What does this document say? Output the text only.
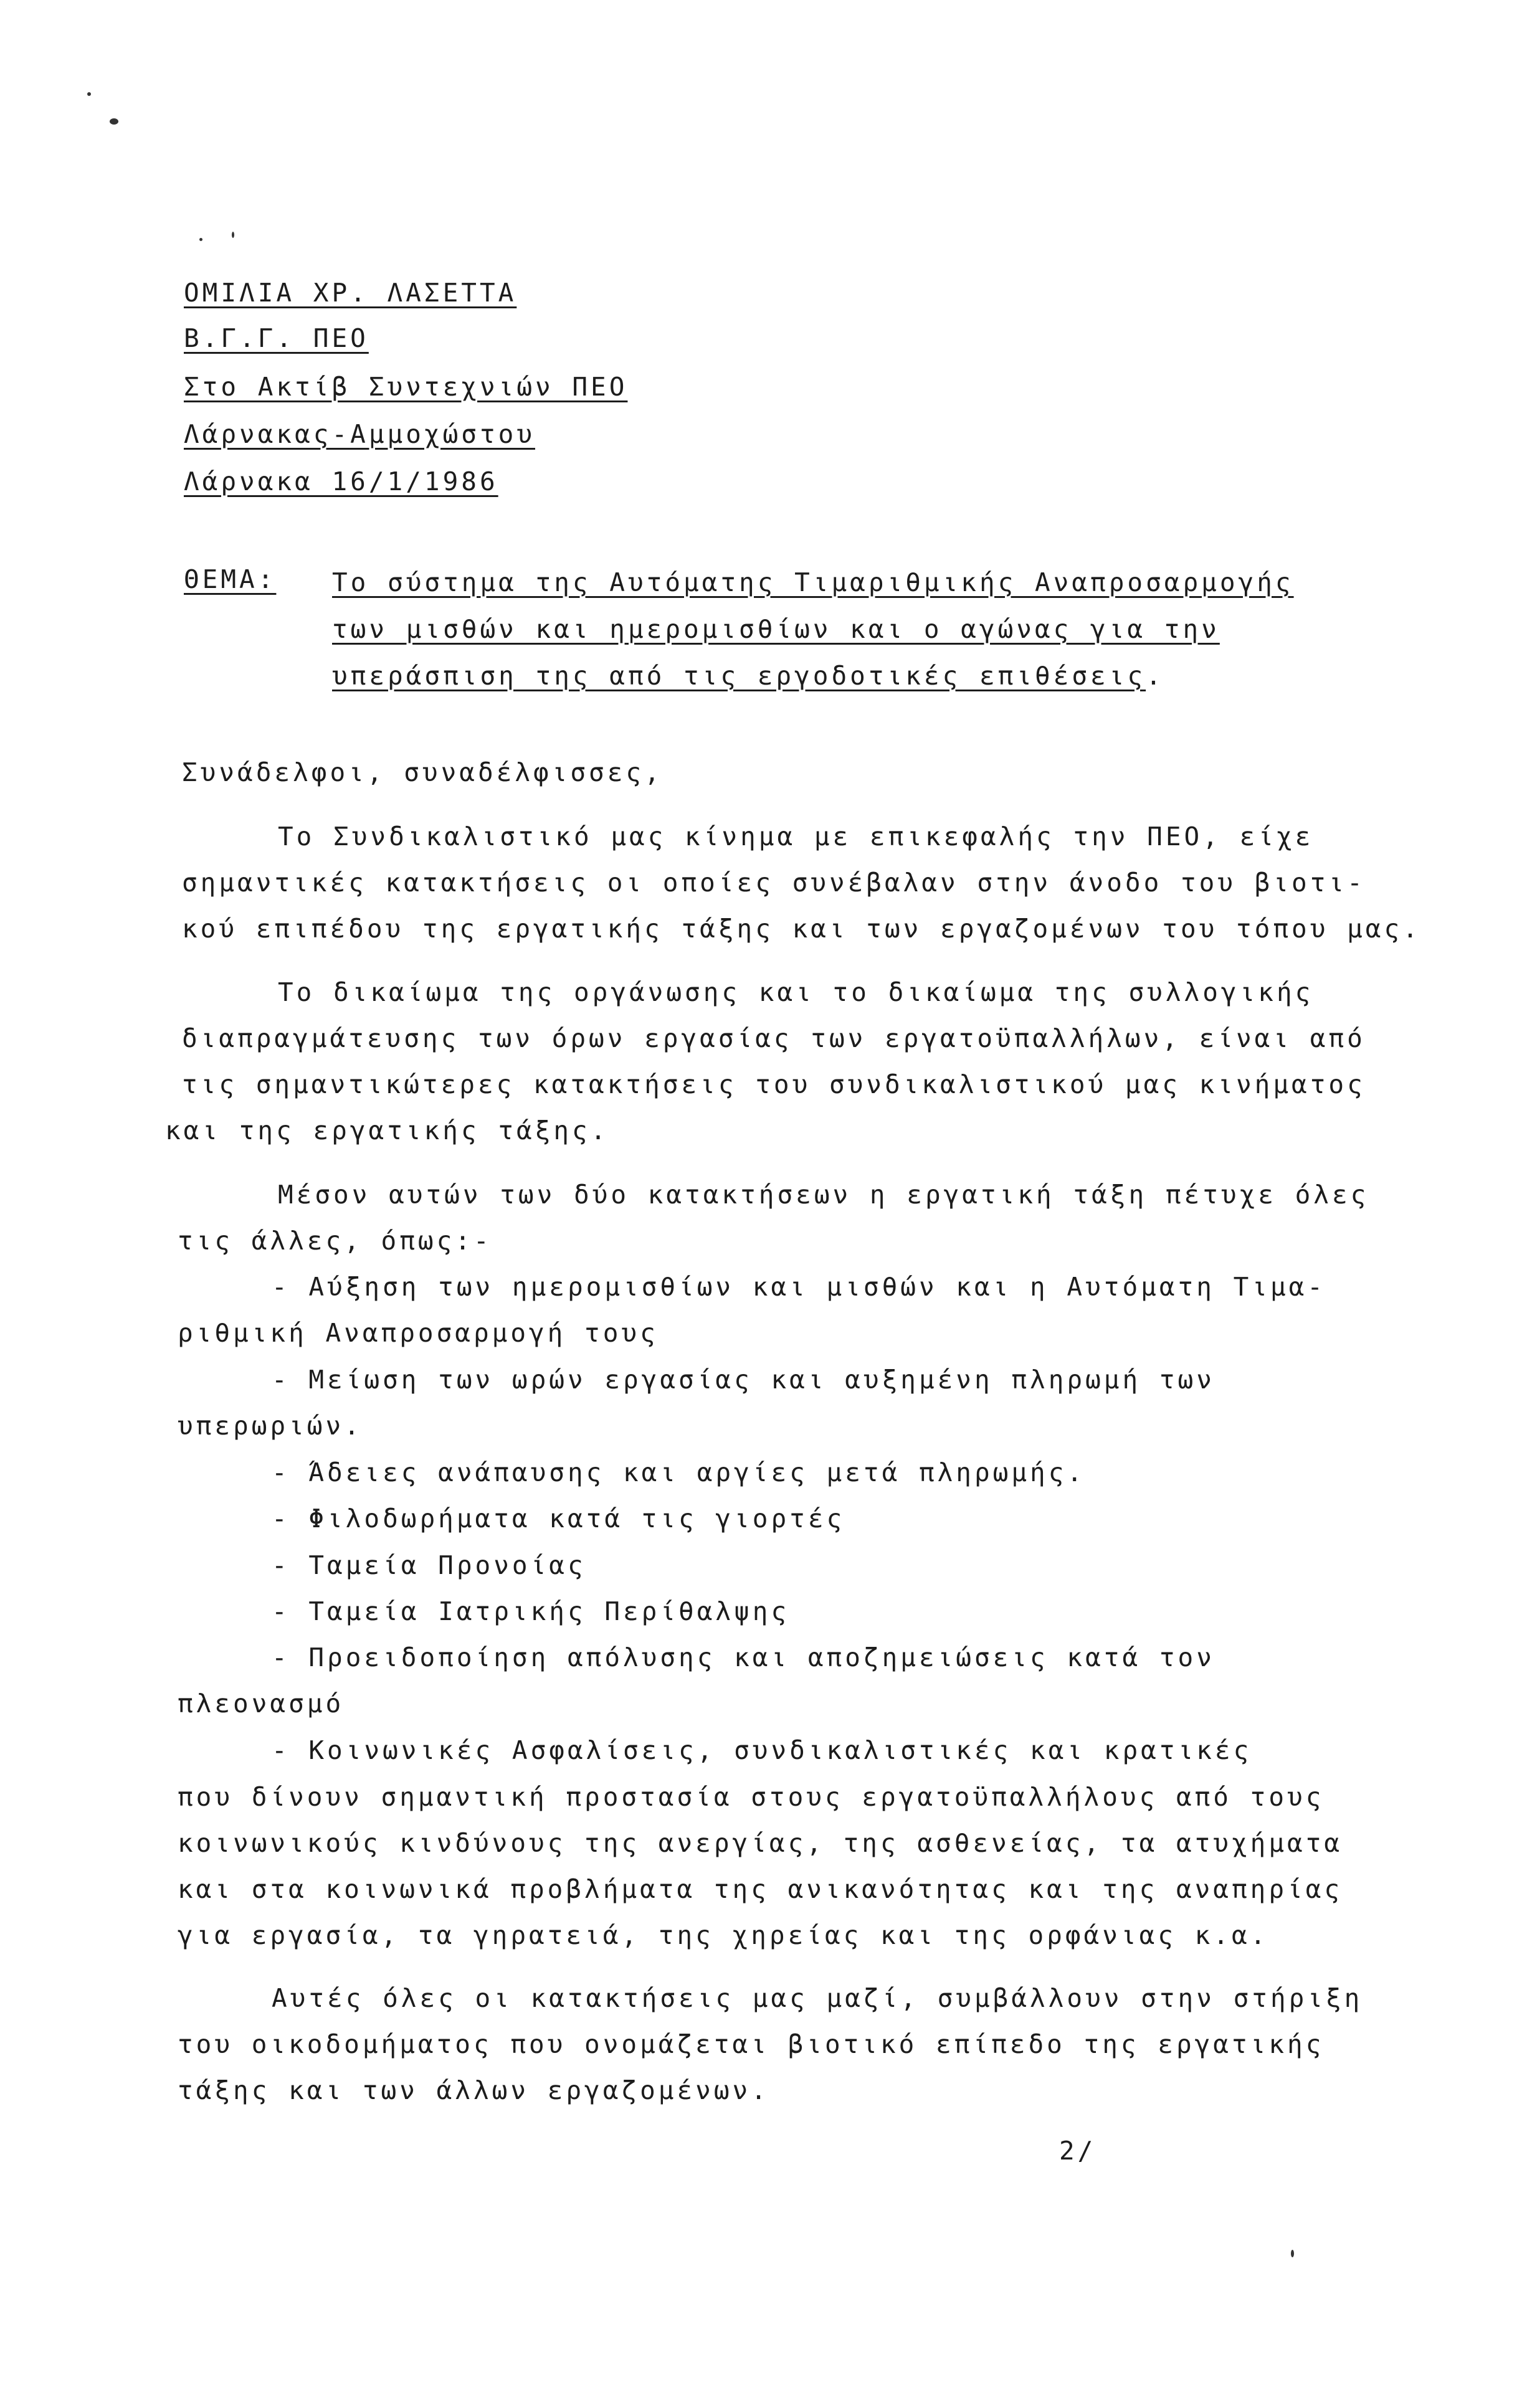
ΟΜΙΛΙΑ ΧΡ. ΛΑΣΕΤΤΑ
Β.Γ.Γ. ΠΕΟ
Στο Ακτίβ Συντεχνιών ΠΕΟ
Λάρνακας-Αμμοχώστου
Λάρνακα 16/1/1986
ΘΕΜΑ: Το σύστημα της Αυτόματης Τιμαριθμικής Αναπροσαρμογής
των μισθών και ημερομισθίων και ο αγώνας για την
υπεράσπιση της από τις εργοδοτικές επιθέσεις.
Συνάδελφοι, συναδέλφισσες,
Το Συνδικαλιστικό μας κίνημα με επικεφαλής την ΠΕΟ, είχε
σημαντικές κατακτήσεις οι οποίες συνέβαλαν στην άνοδο του βιοτι-
κού επιπέδου της εργατικής τάξης και των εργαζομένων του τόπου μας.
Το δικαίωμα της οργάνωσης και το δικαίωμα της συλλογικής
διαπραγμάτευσης των όρων εργασίας των εργατοϋπαλλήλων, είναι από
τις σημαντικώτερες κατακτήσεις του συνδικαλιστικού μας κινήματος
και της εργατικής τάξης.
Μέσον αυτών των δύο κατακτήσεων η εργατική τάξη πέτυχε όλες
τις άλλες, όπως:-
- Αύξηση των ημερομισθίων και μισθών και η Αυτόματη Τιμα-
ριθμική Αναπροσαρμογή τους
- Μείωση των ωρών εργασίας και αυξημένη πληρωμή των
υπερωριών.
- Άδειες ανάπαυσης και αργίες μετά πληρωμής.
- Φιλοδωρήματα κατά τις γιορτές
- Ταμεία Προνοίας
- Ταμεία Ιατρικής Περίθαλψης
- Προειδοποίηση απόλυσης και αποζημειώσεις κατά τον
πλεονασμό
- Κοινωνικές Ασφαλίσεις, συνδικαλιστικές και κρατικές
που δίνουν σημαντική προστασία στους εργατοϋπαλλήλους από τους
κοινωνικούς κινδύνους της ανεργίας, της ασθενείας, τα ατυχήματα
και στα κοινωνικά προβλήματα της ανικανότητας και της αναπηρίας
για εργασία, τα γηρατειά, της χηρείας και της ορφάνιας κ.α.
Αυτές όλες οι κατακτήσεις μας μαζί, συμβάλλουν στην στήριξη
του οικοδομήματος που ονομάζεται βιοτικό επίπεδο της εργατικής
τάξης και των άλλων εργαζομένων.
2/
